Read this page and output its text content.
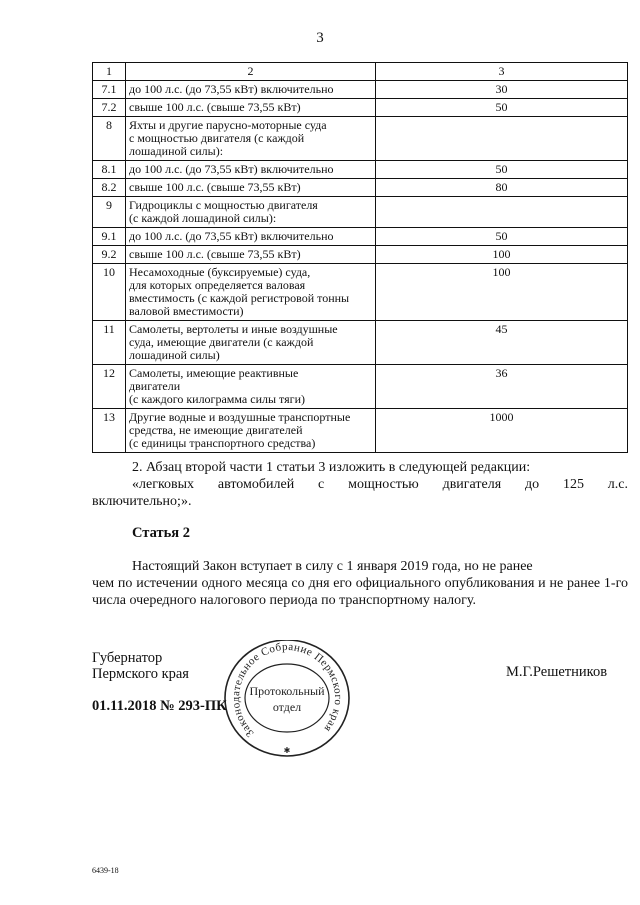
3
1	2	3
7.1	до 100 л.с. (до 73,55 кВт) включительно	30
7.2	свыше 100 л.с. (свыше 73,55 кВт)	50
8	Яхты и другие парусно-моторные суда
с мощностью двигателя (с каждой
лошадиной силы):	

8.1	до 100 л.с. (до 73,55 кВт) включительно	50
8.2	свыше 100 л.с. (свыше 73,55 кВт)	80
9	Гидроциклы с мощностью двигателя
(с каждой лошадиной силы):	

9.1	до 100 л.с. (до 73,55 кВт) включительно	50
9.2	свыше 100 л.с. (свыше 73,55 кВт)	100
10	Несамоходные (буксируемые) суда,
для которых определяется валовая
вместимость (с каждой регистровой тонны
валовой вместимости)	100
11	Самолеты, вертолеты и иные воздушные
суда, имеющие двигатели (с каждой
лошадиной силы)	45
12	Самолеты, имеющие реактивные
двигатели
(с каждого килограмма силы тяги)	36
13	Другие водные и воздушные транспортные
средства, не имеющие двигателей
(с единицы транспортного средства)	1000
2. Абзац второй части 1 статьи 3 изложить в следующей редакции:
«легковых автомобилей с мощностью двигателя до 125 л.с.
включительно;».
Статья 2
Настоящий Закон вступает в силу с 1 января 2019 года, но не ранее
чем по истечении одного месяца со дня его официального опубликования и не ранее 1-го числа очередного налогового периода по транспортному налогу.
Губернатор
Пермского края	М.Г.Решетников
Законодательное Собрание Пермского края
Протокольный
отдел
✱
01.11.2018 № 293-ПК
6439-18
